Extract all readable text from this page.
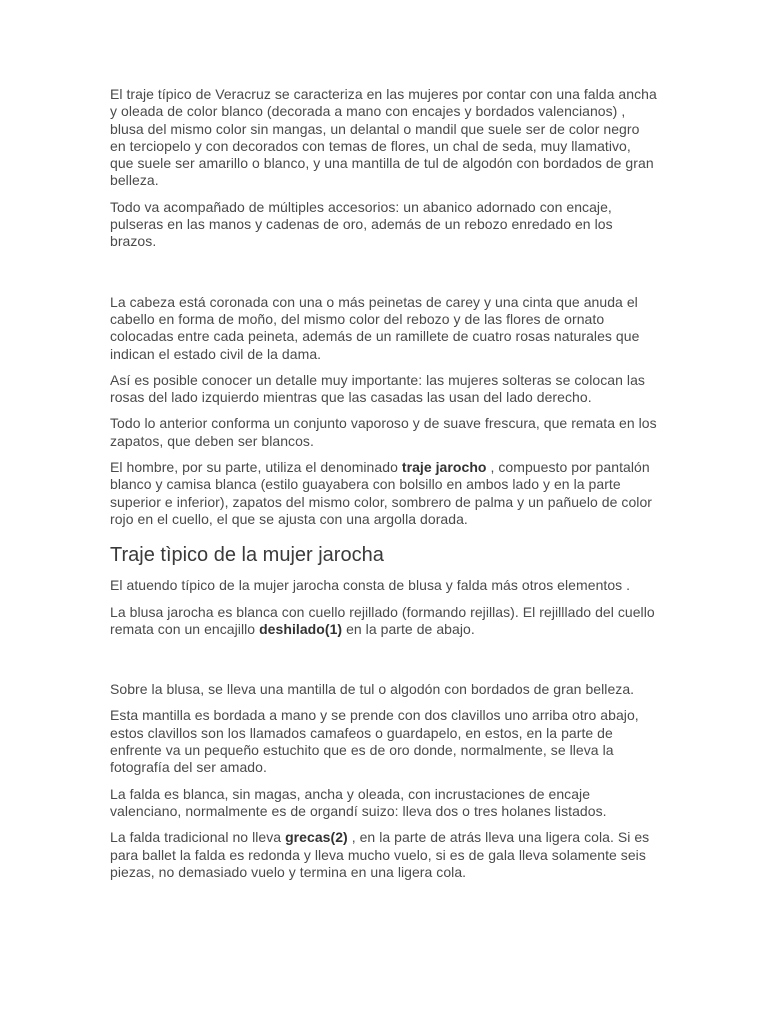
El traje típico de Veracruz se caracteriza en las mujeres por contar con una falda ancha y oleada de color blanco (decorada a mano con encajes y bordados valencianos) , blusa del mismo color sin mangas, un delantal o mandil que suele ser de color negro en terciopelo y con decorados con temas de flores, un chal de seda, muy llamativo, que suele ser amarillo o blanco, y una mantilla de tul de algodón con bordados de gran belleza.

Todo va acompañado de múltiples accesorios: un abanico adornado con encaje, pulseras en las manos y cadenas de oro, además de un rebozo enredado en los brazos.

La cabeza está coronada con una o más peinetas de carey y una cinta que anuda el cabello en forma de moño, del mismo color del rebozo y de las flores de ornato colocadas entre cada peineta, además de un ramillete de cuatro rosas naturales que indican el estado civil de la dama.

Así es posible conocer un detalle muy importante: las mujeres solteras se colocan las rosas del lado izquierdo mientras que las casadas las usan del lado derecho.

Todo lo anterior conforma un conjunto vaporoso y de suave frescura, que remata en los zapatos, que deben ser blancos.

El hombre, por su parte, utiliza el denominado traje jarocho , compuesto por pantalón blanco y camisa blanca (estilo guayabera con bolsillo en ambos lado y en la parte superior e inferior), zapatos del mismo color, sombrero de palma y un pañuelo de color rojo en el cuello, el que se ajusta con una argolla dorada.

Traje tìpico de la mujer jarocha

El atuendo típico de la mujer jarocha consta de blusa y falda más otros elementos .

La blusa jarocha es blanca con cuello rejillado (formando rejillas). El rejilllado del cuello remata con un encajillo deshilado(1) en la parte de abajo.

Sobre la blusa, se lleva una mantilla de tul o algodón con bordados de gran belleza.

Esta mantilla es bordada a mano y se prende con dos clavillos uno arriba otro abajo, estos clavillos son los llamados camafeos o guardapelo, en estos, en la parte de enfrente va un pequeño estuchito que es de oro donde, normalmente, se lleva la fotografía del ser amado.

La falda es blanca, sin magas, ancha y oleada, con incrustaciones de encaje valenciano, normalmente es de organdí suizo: lleva dos o tres holanes listados.

La falda tradicional no lleva grecas(2) , en la parte de atrás lleva una ligera cola. Si es para ballet la falda es redonda y lleva mucho vuelo, si es de gala lleva solamente seis piezas, no demasiado vuelo y termina en una ligera cola.
